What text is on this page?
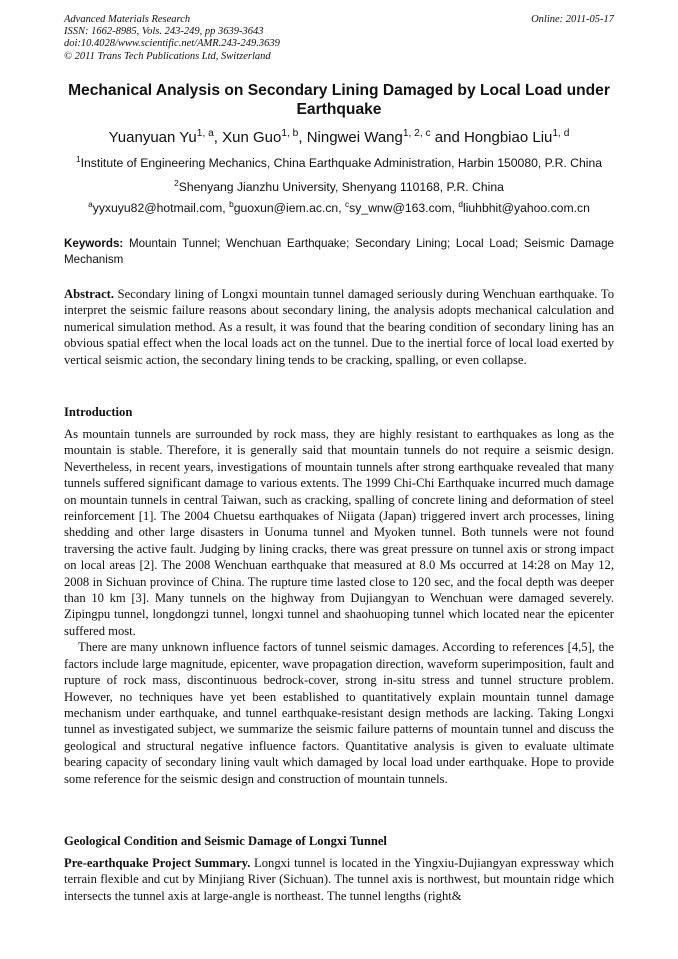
Advanced Materials Research	Online: 2011-05-17
ISSN: 1662-8985, Vols. 243-249, pp 3639-3643
doi:10.4028/www.scientific.net/AMR.243-249.3639
© 2011 Trans Tech Publications Ltd, Switzerland
Mechanical Analysis on Secondary Lining Damaged by Local Load under Earthquake
Yuanyuan Yu$^{1, a}$, Xun Guo$^{1, b}$, Ningwei Wang$^{1, 2, c}$ and Hongbiao Liu$^{1, d}$
$^1$Institute of Engineering Mechanics, China Earthquake Administration, Harbin 150080, P.R. China
$^2$Shenyang Jianzhu University, Shenyang 110168, P.R. China
$^a$yyxuyu82@hotmail.com, $^b$guoxun@iem.ac.cn, $^c$sy_wnw@163.com, $^d$liuhbhit@yahoo.com.cn
Keywords: Mountain Tunnel; Wenchuan Earthquake; Secondary Lining; Local Load; Seismic Damage Mechanism
Abstract. Secondary lining of Longxi mountain tunnel damaged seriously during Wenchuan earthquake. To interpret the seismic failure reasons about secondary lining, the analysis adopts mechanical calculation and numerical simulation method. As a result, it was found that the bearing condition of secondary lining has an obvious spatial effect when the local loads act on the tunnel. Due to the inertial force of local load exerted by vertical seismic action, the secondary lining tends to be cracking, spalling, or even collapse.
Introduction
As mountain tunnels are surrounded by rock mass, they are highly resistant to earthquakes as long as the mountain is stable. Therefore, it is generally said that mountain tunnels do not require a seismic design. Nevertheless, in recent years, investigations of mountain tunnels after strong earthquake revealed that many tunnels suffered significant damage to various extents. The 1999 Chi-Chi Earthquake incurred much damage on mountain tunnels in central Taiwan, such as cracking, spalling of concrete lining and deformation of steel reinforcement [1]. The 2004 Chuetsu earthquakes of Niigata (Japan) triggered invert arch processes, lining shedding and other large disasters in Uonuma tunnel and Myoken tunnel. Both tunnels were not found traversing the active fault. Judging by lining cracks, there was great pressure on tunnel axis or strong impact on local areas [2]. The 2008 Wenchuan earthquake that measured at 8.0 Ms occurred at 14:28 on May 12, 2008 in Sichuan province of China. The rupture time lasted close to 120 sec, and the focal depth was deeper than 10 km [3]. Many tunnels on the highway from Dujiangyan to Wenchuan were damaged severely. Zipingpu tunnel, longdongzi tunnel, longxi tunnel and shaohuoping tunnel which located near the epicenter suffered most.
There are many unknown influence factors of tunnel seismic damages. According to references [4,5], the factors include large magnitude, epicenter, wave propagation direction, waveform superimposition, fault and rupture of rock mass, discontinuous bedrock-cover, strong in-situ stress and tunnel structure problem. However, no techniques have yet been established to quantitatively explain mountain tunnel damage mechanism under earthquake, and tunnel earthquake-resistant design methods are lacking. Taking Longxi tunnel as investigated subject, we summarize the seismic failure patterns of mountain tunnel and discuss the geological and structural negative influence factors. Quantitative analysis is given to evaluate ultimate bearing capacity of secondary lining vault which damaged by local load under earthquake. Hope to provide some reference for the seismic design and construction of mountain tunnels.
Geological Condition and Seismic Damage of Longxi Tunnel
Pre-earthquake Project Summary. Longxi tunnel is located in the Yingxiu-Dujiangyan expressway which terrain flexible and cut by Minjiang River (Sichuan). The tunnel axis is northwest, but mountain ridge which intersects the tunnel axis at large-angle is northeast. The tunnel lengths (right&
